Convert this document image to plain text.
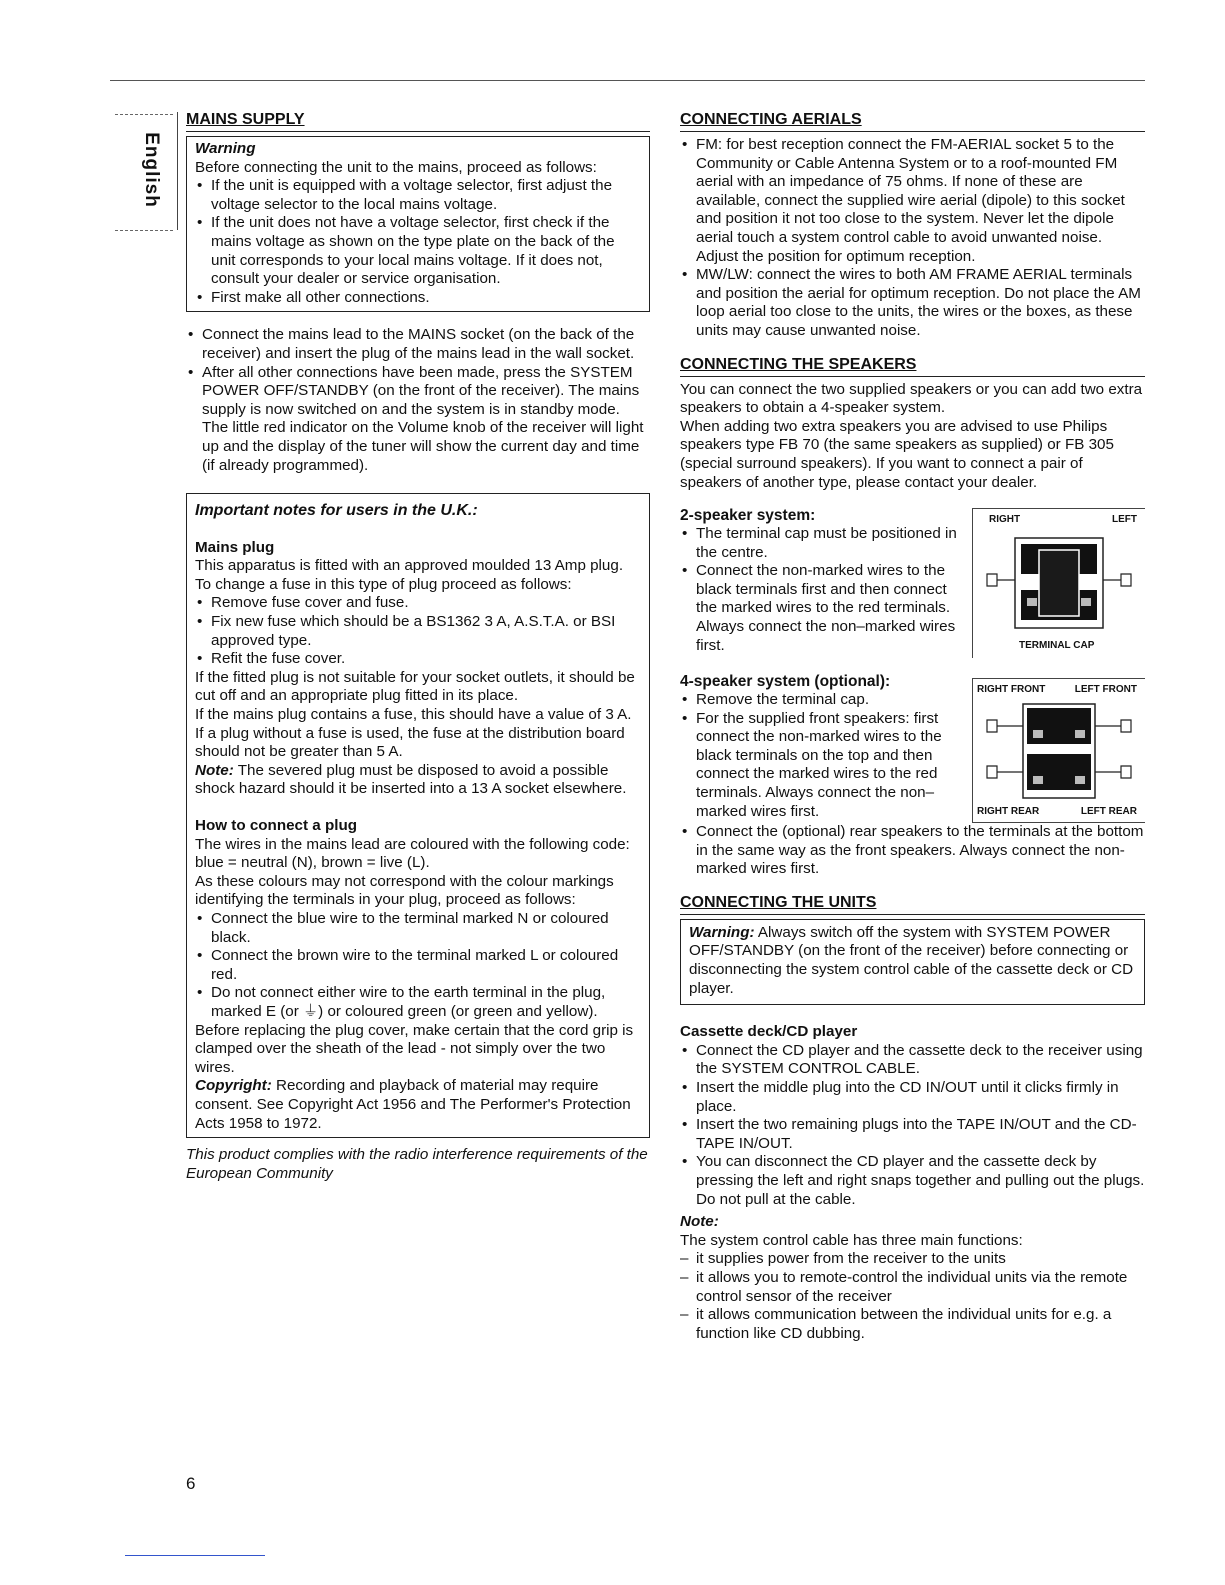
English
MAINS SUPPLY

Warning

Before connecting the unit to the mains, proceed as follows:

• If the unit is equipped with a voltage selector, first adjust the voltage selector to the local mains voltage.
• If the unit does not have a voltage selector, first check if the mains voltage as shown on the type plate on the back of the unit corresponds to your local mains voltage. If it does not, consult your dealer or service organisation.
• First make all other connections.
• Connect the mains lead to the MAINS socket (on the back of the receiver) and insert the plug of the mains lead in the wall socket.
• After all other connections have been made, press the SYSTEM POWER OFF/STANDBY (on the front of the receiver). The mains supply is now switched on and the system is in standby mode.

The little red indicator on the Volume knob of the receiver will light up and the display of the tuner will show the current day and time (if already programmed).

Important notes for users in the U.K.:

Mains plug

This apparatus is fitted with an approved moulded 13 Amp plug.

To change a fuse in this type of plug proceed as follows:

• Remove fuse cover and fuse.
• Fix new fuse which should be a BS1362 3 A, A.S.T.A. or BSI approved type.
• Refit the fuse cover.

If the fitted plug is not suitable for your socket outlets, it should be cut off and an appropriate plug fitted in its place.

If the mains plug contains a fuse, this should have a value of 3 A. If a plug without a fuse is used, the fuse at the distribution board should not be greater than 5 A.

Note: The severed plug must be disposed to avoid a possible shock hazard should it be inserted into a 13 A socket elsewhere.

How to connect a plug

The wires in the mains lead are coloured with the following code: blue = neutral (N), brown = live (L).

As these colours may not correspond with the colour markings identifying the terminals in your plug, proceed as follows:

• Connect the blue wire to the terminal marked N or coloured black.
• Connect the brown wire to the terminal marked L or coloured red.
• Do not connect either wire to the earth terminal in the plug, marked E (or ⏚) or coloured green (or green and yellow).

Before replacing the plug cover, make certain that the cord grip is clamped over the sheath of the lead - not simply over the two wires.

Copyright: Recording and playback of material may require consent. See Copyright Act 1956 and The Performer's Protection Acts 1958 to 1972.

This product complies with the radio interference requirements of the European Community

CONNECTING AERIALS
• FM: for best reception connect the FM-AERIAL socket 5 to the Community or Cable Antenna System or to a roof-mounted FM aerial with an impedance of 75 ohms. If none of these are available, connect the supplied wire aerial (dipole) to this socket and position it not too close to the system. Never let the dipole aerial touch a system control cable to avoid unwanted noise. Adjust the position for optimum reception.
• MW/LW: connect the wires to both AM FRAME AERIAL terminals and position the aerial for optimum reception. Do not place the AM loop aerial too close to the units, the wires or the boxes, as these units may cause unwanted noise.
CONNECTING THE SPEAKERS

You can connect the two supplied speakers or you can add two extra speakers to obtain a 4-speaker system.

When adding two extra speakers you are advised to use Philips speakers type FB 70 (the same speakers as supplied) or FB 305 (special surround speakers). If you want to connect a pair of speakers of another type, please contact your dealer.

2-speaker system:

• The terminal cap must be positioned in the centre.
• Connect the non-marked wires to the black terminals first and then connect the marked wires to the red terminals. Always connect the non–marked wires first.
RIGHT	LEFT
TERMINAL CAP

4-speaker system (optional):

• Remove the terminal cap.
• For the supplied front speakers: first connect the non-marked wires to the black terminals on the top and then connect the marked wires to the red terminals. Always connect the non–marked wires first.
RIGHT FRONT	LEFT FRONT
RIGHT REAR	LEFT REAR
• Connect the (optional) rear speakers to the terminals at the bottom in the same way as the front speakers. Always connect the non-marked wires first.
CONNECTING THE UNITS

Warning: Always switch off the system with SYSTEM POWER OFF/STANDBY (on the front of the receiver) before connecting or disconnecting the system control cable of the cassette deck or CD player.

Cassette deck/CD player

• Connect the CD player and the cassette deck to the receiver using the SYSTEM CONTROL CABLE.
• Insert the middle plug into the CD IN/OUT until it clicks firmly in place.
• Insert the two remaining plugs into the TAPE IN/OUT and the CD-TAPE IN/OUT.
• You can disconnect the CD player and the cassette deck by pressing the left and right snaps together and pulling out the plugs. Do not pull at the cable.

Note:

The system control cable has three main functions:

– it supplies power from the receiver to the units
– it allows you to remote-control the individual units via the remote control sensor of the receiver
– it allows communication between the individual units for e.g. a function like CD dubbing.
6
